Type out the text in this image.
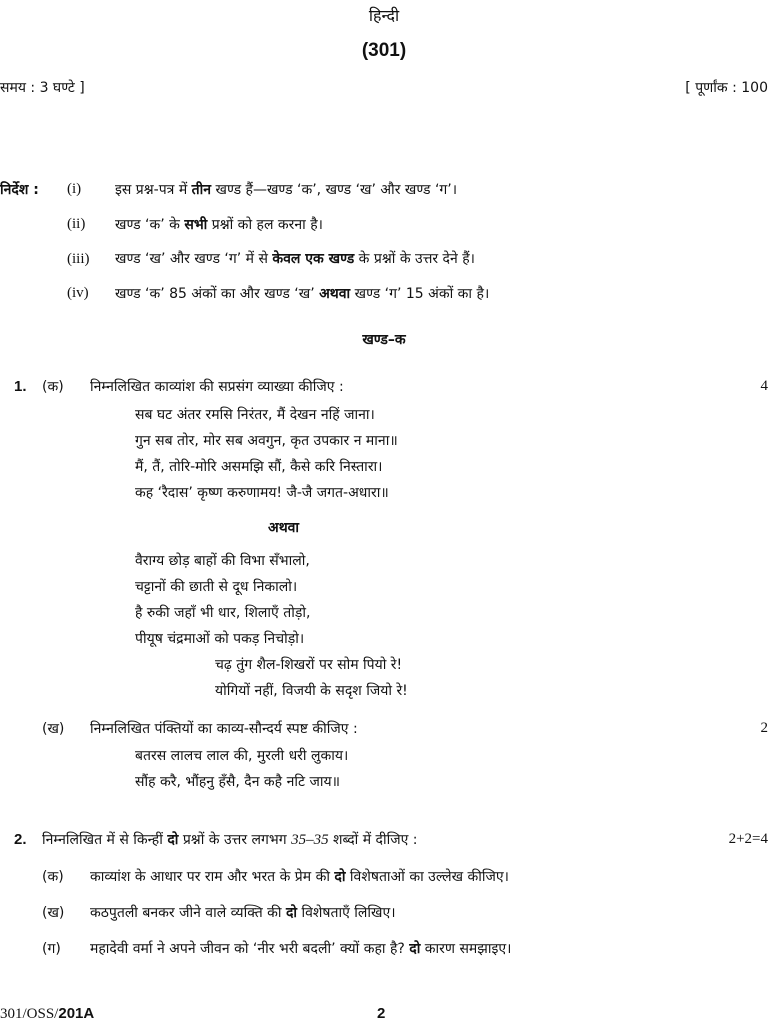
हिन्दी
(301)
समय : 3 घण्टे ]	[ पूर्णांक : 100
निर्देश : (i) इस प्रश्न-पत्र में तीन खण्ड हैं—खण्ड ‘क’, खण्ड ‘ख’ और खण्ड ‘ग’।
(ii) खण्ड ‘क’ के सभी प्रश्नों को हल करना है।
(iii) खण्ड ‘ख’ और खण्ड ‘ग’ में से केवल एक खण्ड के प्रश्नों के उत्तर देने हैं।
(iv) खण्ड ‘क’ 85 अंकों का और खण्ड ‘ख’ अथवा खण्ड ‘ग’ 15 अंकों का है।
खण्ड–क
1. (क) निम्नलिखित काव्यांश की सप्रसंग व्याख्या कीजिए :	4
सब घट अंतर रमसि निरंतर, मैं देखन नहिं जाना।
गुन सब तोर, मोर सब अवगुन, कृत उपकार न माना॥
मैं, तैं, तोरि-मोरि असमझि सौं, कैसे करि निस्तारा।
कह ‘रैदास’ कृष्ण करुणामय! जै-जै जगत-अधारा॥
अथवा
वैराग्य छोड़ बाहों की विभा सँभालो,
चट्टानों की छाती से दूध निकालो।
है रुकी जहाँ भी धार, शिलाएँ तोड़ो,
पीयूष चंद्रमाओं को पकड़ निचोड़ो।
चढ़ तुंग शैल-शिखरों पर सोम पियो रे!
योगियों नहीं, विजयी के सदृश जियो रे!
(ख) निम्नलिखित पंक्तियों का काव्य-सौन्दर्य स्पष्ट कीजिए :	2
बतरस लालच लाल की, मुरली धरी लुकाय।
सौंह करै, भौंहनु हँसै, दैन कहै नटि जाय॥
2. निम्नलिखित में से किन्हीं दो प्रश्नों के उत्तर लगभग 35–35 शब्दों में दीजिए :	2+2=4
(क) काव्यांश के आधार पर राम और भरत के प्रेम की दो विशेषताओं का उल्लेख कीजिए।
(ख) कठपुतली बनकर जीने वाले व्यक्ति की दो विशेषताएँ लिखिए।
(ग) महादेवी वर्मा ने अपने जीवन को ‘नीर भरी बदली’ क्यों कहा है? दो कारण समझाइए।
301/OSS/201A	2
